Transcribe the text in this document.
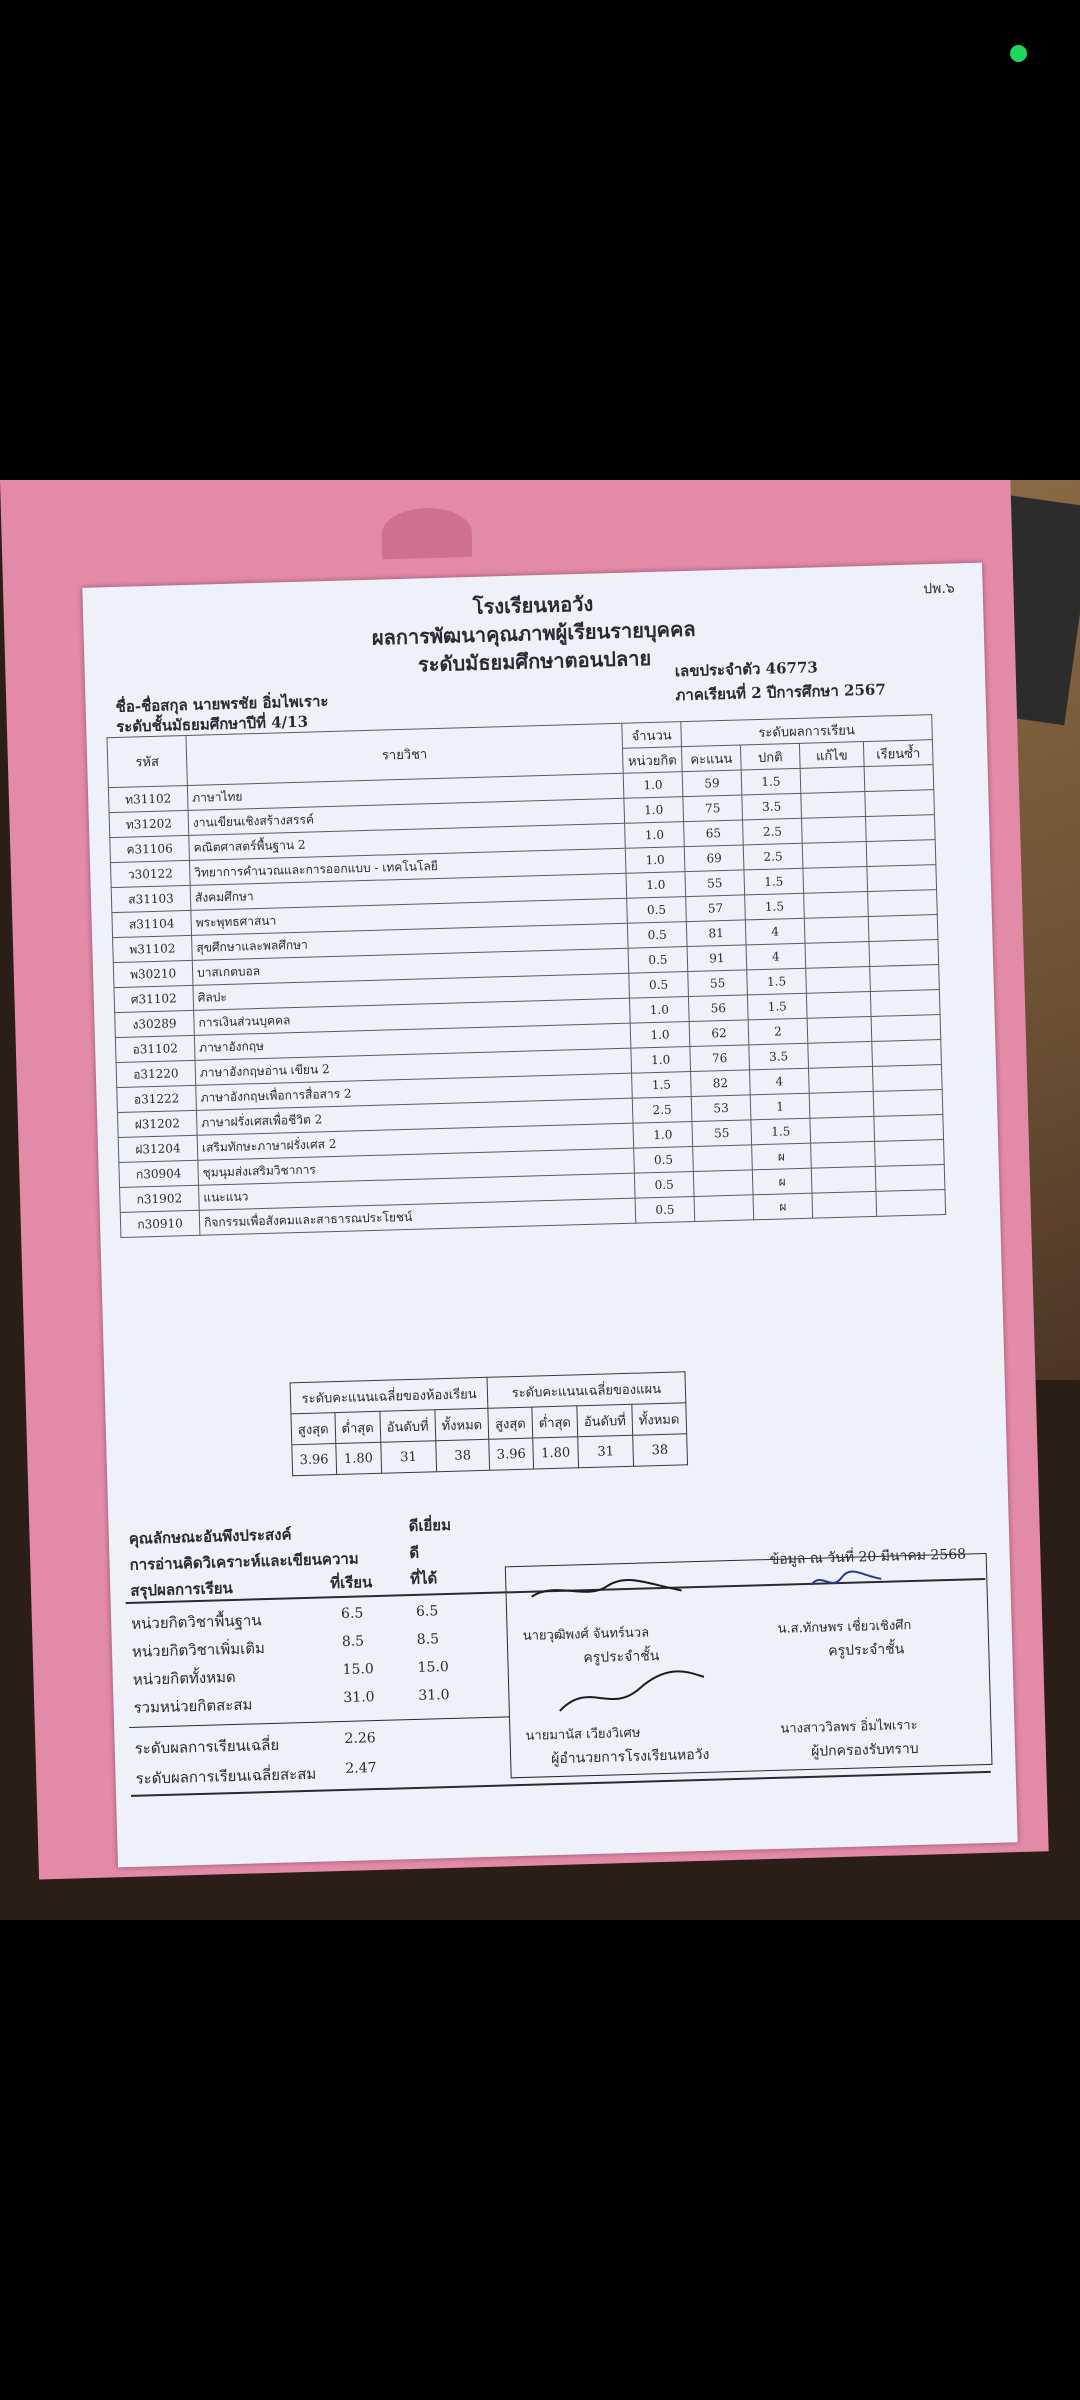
ปพ.๖
โรงเรียนหอวัง
ผลการพัฒนาคุณภาพผู้เรียนรายบุคคล
ระดับมัธยมศึกษาตอนปลาย	เลขประจำตัว 46773
ชื่อ-ชื่อสกุล นายพรชัย อิ่มไพเราะ	ภาคเรียนที่ 2 ปีการศึกษา 2567
ระดับชั้นมัธยมศึกษาปีที่ 4/13
รหัส	รายวิชา	จำนวน	ระดับผลการเรียน			
		หน่วยกิต	คะแนน	ปกติ	แก้ไข	เรียนซ้ำ
ท31102	ภาษาไทย	1.0	59	1.5		
ท31202	งานเขียนเชิงสร้างสรรค์	1.0	75	3.5		
ค31106	คณิตศาสตร์พื้นฐาน 2	1.0	65	2.5		
ว30122	วิทยาการคำนวณและการออกแบบ - เทคโนโลยี	1.0	69	2.5		
ส31103	สังคมศึกษา	1.0	55	1.5		
ส31104	พระพุทธศาสนา	0.5	57	1.5		
พ31102	สุขศึกษาและพลศึกษา	0.5	81	4		
พ30210	บาสเกตบอล	0.5	91	4		
ศ31102	ศิลปะ	0.5	55	1.5		
ง30289	การเงินส่วนบุคคล	1.0	56	1.5		
อ31102	ภาษาอังกฤษ	1.0	62	2		
อ31220	ภาษาอังกฤษอ่าน เขียน 2	1.0	76	3.5		
อ31222	ภาษาอังกฤษเพื่อการสื่อสาร 2	1.5	82	4		
ฝ31202	ภาษาฝรั่งเศสเพื่อชีวิต 2	2.5	53	1		
ฝ31204	เสริมทักษะภาษาฝรั่งเศส 2	1.0	55	1.5		
ก30904	ชุมนุมส่งเสริมวิชาการ	0.5		ผ		
ก31902	แนะแนว	0.5		ผ		
ก30910	กิจกรรมเพื่อสังคมและสาธารณประโยชน์	0.5		ผ		
ระดับคะแนนเฉลี่ยของห้องเรียน				ระดับคะแนนเฉลี่ยของแผน			
สูงสุด	ต่ำสุด	อันดับที่	ทั้งหมด	สูงสุด	ต่ำสุด	อันดับที่	ทั้งหมด
3.96	1.80	31	38	3.96	1.80	31	38
คุณลักษณะอันพึงประสงค์	ดีเยี่ยม
การอ่านคิดวิเคราะห์และเขียนความ	ดี
สรุปผลการเรียน	ที่เรียน ที่ได้
ข้อมูล ณ วันที่ 20 มีนาคม 2568
หน่วยกิตวิชาพื้นฐาน	6.5	6.5
หน่วยกิตวิชาเพิ่มเติม	8.5	8.5
หน่วยกิตทั้งหมด	15.0	15.0
รวมหน่วยกิตสะสม	31.0	31.0
ระดับผลการเรียนเฉลี่ย	2.26
ระดับผลการเรียนเฉลี่ยสะสม 2.47
นายวุฒิพงศ์ จันทร์นวล
ครูประจำชั้น
น.ส.ทักษพร เชี่ยวเชิงศึก
ครูประจำชั้น
นายมานัส เวียงวิเศษ
ผู้อำนวยการโรงเรียนหอวัง
นางสาววิลพร อิ่มไพเราะ
ผู้ปกครองรับทราบ
